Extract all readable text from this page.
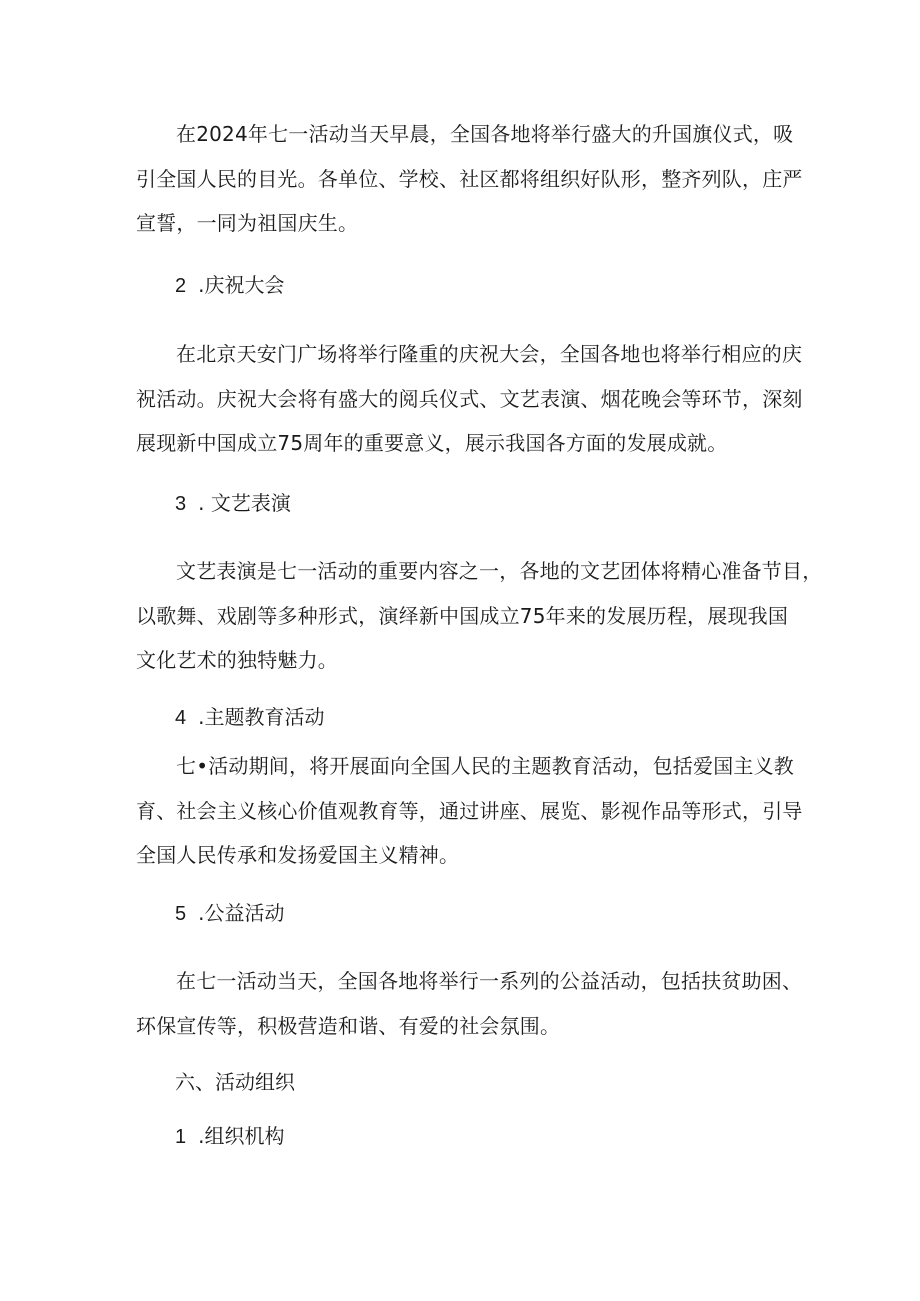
在2024年七一活动当天早晨，全国各地将举行盛大的升国旗仪式，吸
引全国人民的目光。各单位、学校、社区都将组织好队形，整齐列队，庄严
宣誓，一同为祖国庆生。
2 .庆祝大会
在北京天安门广场将举行隆重的庆祝大会，全国各地也将举行相应的庆
祝活动。庆祝大会将有盛大的阅兵仪式、文艺表演、烟花晚会等环节，深刻
展现新中国成立75周年的重要意义，展示我国各方面的发展成就。
3 . 文艺表演
文艺表演是七一活动的重要内容之一，各地的文艺团体将精心准备节目，
以歌舞、戏剧等多种形式，演绎新中国成立75年来的发展历程，展现我国
文化艺术的独特魅力。
4 .主题教育活动
七•活动期间，将开展面向全国人民的主题教育活动，包括爱国主义教
育、社会主义核心价值观教育等，通过讲座、展览、影视作品等形式，引导
全国人民传承和发扬爱国主义精神。
5 .公益活动
在七一活动当天，全国各地将举行一系列的公益活动，包括扶贫助困、
环保宣传等，积极营造和谐、有爱的社会氛围。
六、活动组织
1 .组织机构
